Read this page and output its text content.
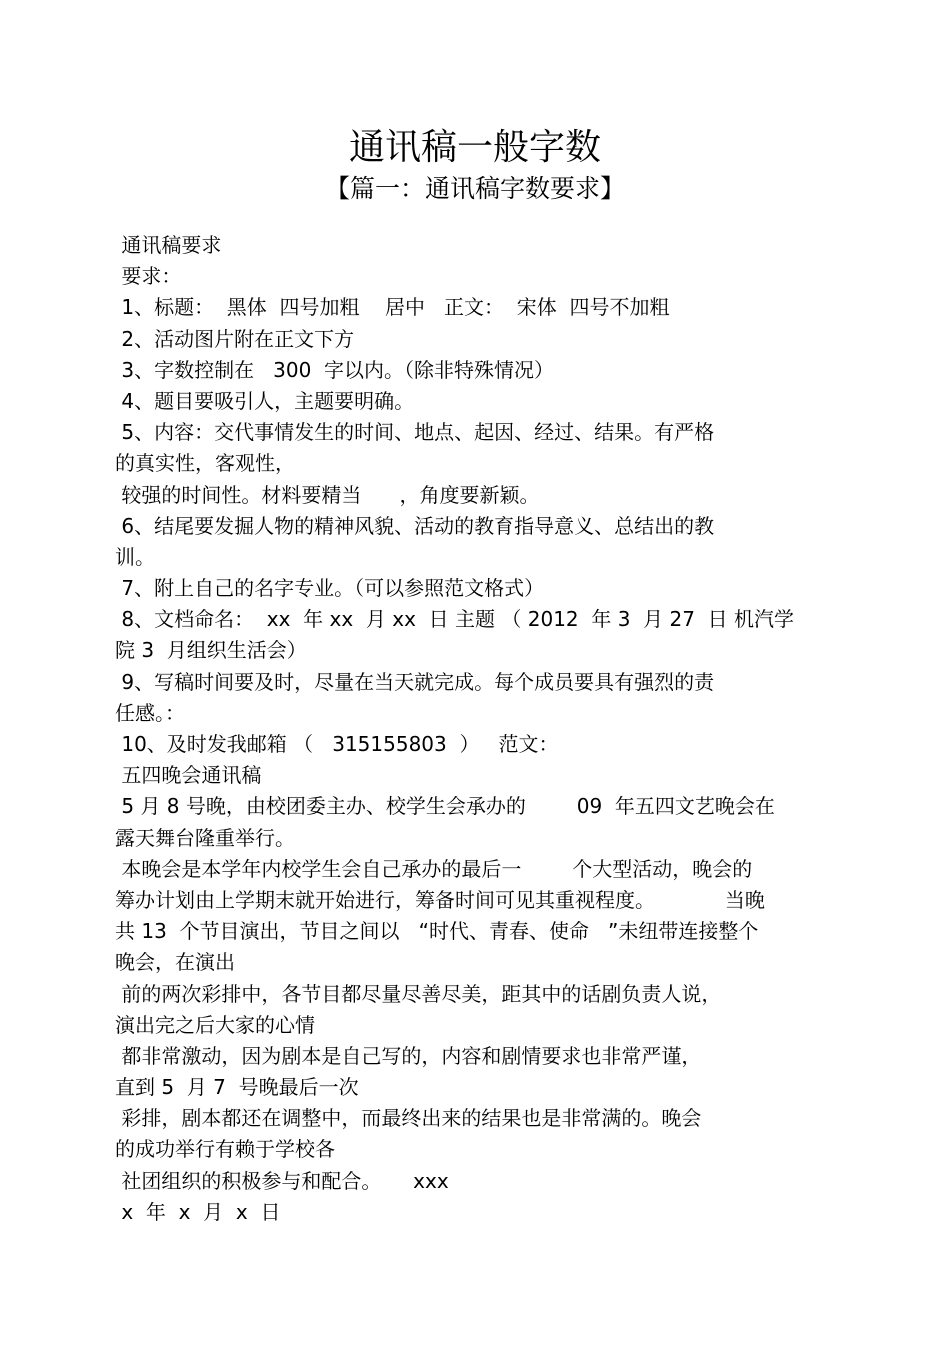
通讯稿一般字数
【篇一：通讯稿字数要求】
通讯稿要求
要求：
1、标题：  黑体  四号加粗    居中   正文：  宋体  四号不加粗
2、活动图片附在正文下方
3、字数控制在   300  字以内。（除非特殊情况）
4、题目要吸引人，主题要明确。
5、内容：交代事情发生的时间、地点、起因、经过、结果。有严格
的真实性，客观性，
较强的时间性。材料要精当      ，角度要新颖。
6、结尾要发掘人物的精神风貌、活动的教育指导意义、总结出的教
训。
7、附上自己的名字专业。（可以参照范文格式）
8、文档命名：  xx  年 xx  月 xx  日 主题 （ 2012  年 3  月 27  日 机汽学
院 3  月组织生活会）
9、写稿时间要及时，尽量在当天就完成。每个成员要具有强烈的责
任感。：
10、及时发我邮箱 （   315155803  ）   范文：
五四晚会通讯稿
5 月 8 号晚，由校团委主办、校学生会承办的        09  年五四文艺晚会在
露天舞台隆重举行。
本晚会是本学年内校学生会自己承办的最后一        个大型活动，晚会的
筹办计划由上学期末就开始进行，筹备时间可见其重视程度。           当晚
共 13  个节目演出，节目之间以   “时代、青春、使命   ”未纽带连接整个
晚会，在演出
前的两次彩排中，各节目都尽量尽善尽美，距其中的话剧负责人说，
演出完之后大家的心情
都非常激动，因为剧本是自己写的，内容和剧情要求也非常严谨，
直到 5  月 7  号晚最后一次
彩排，剧本都还在调整中，而最终出来的结果也是非常满的。晚会
的成功举行有赖于学校各
社团组织的积极参与和配合。     xxx
x  年  x  月  x  日
